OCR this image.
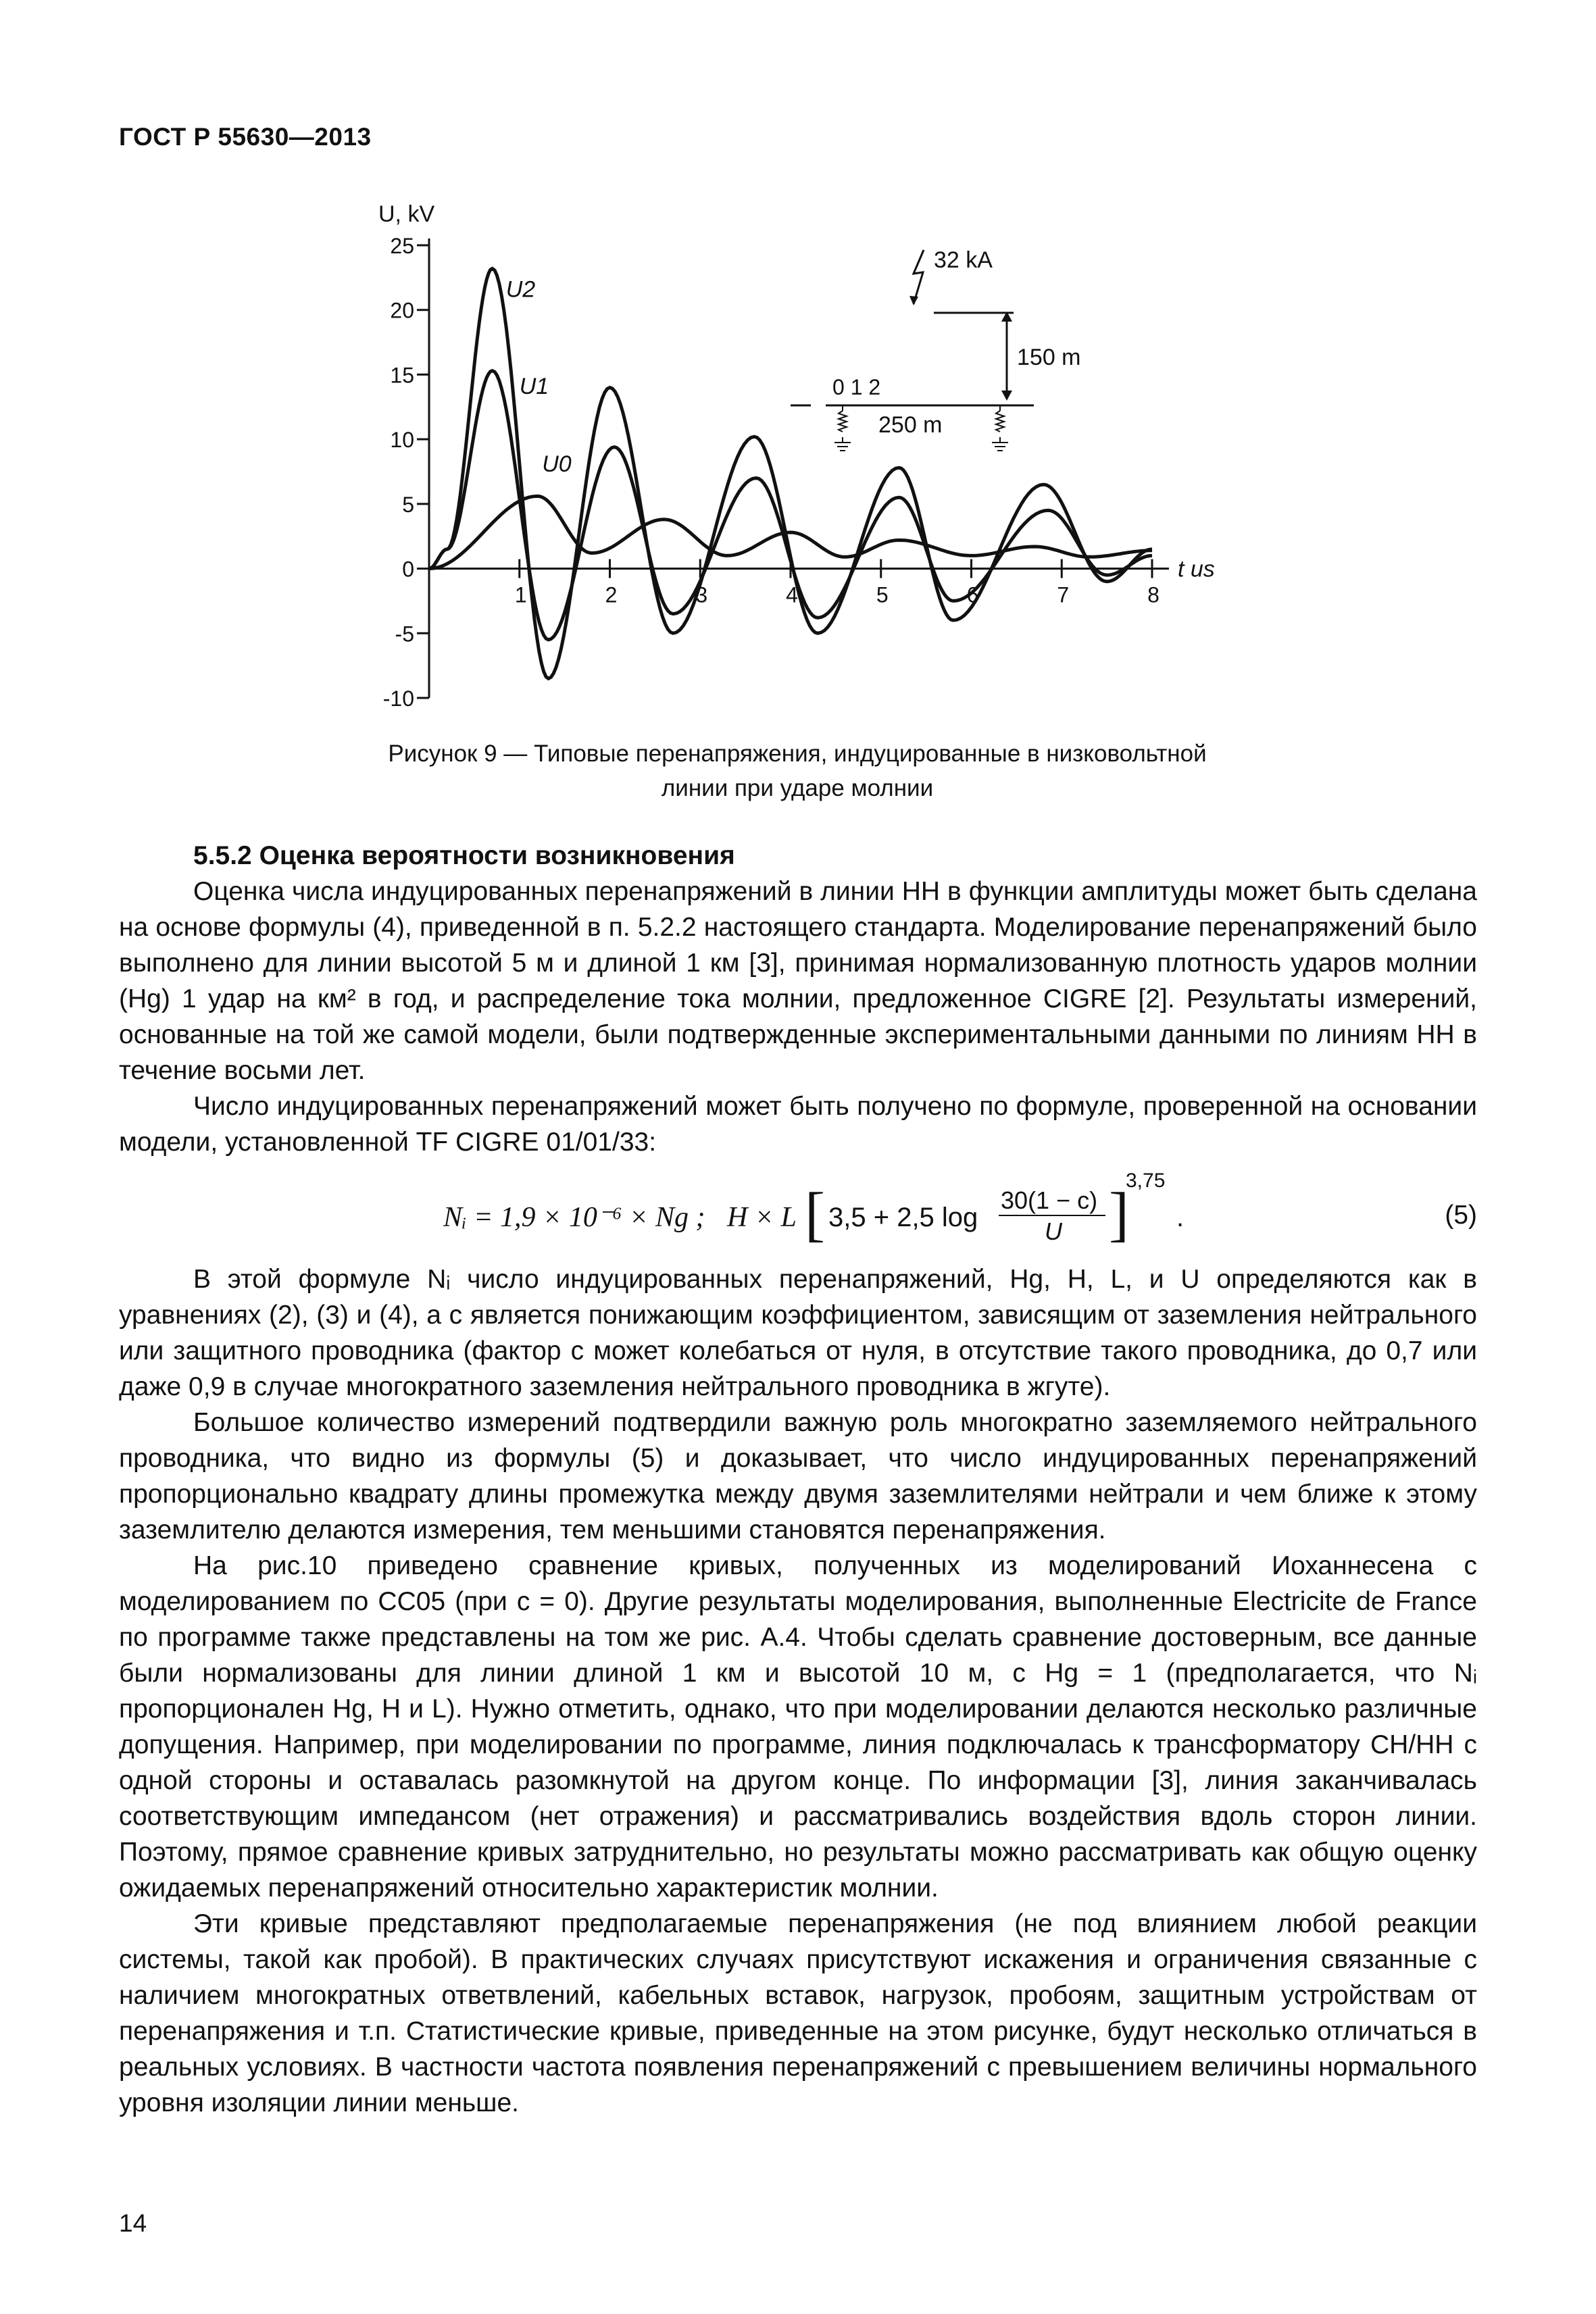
ГОСТ Р 55630—2013
U, kV
t us
25
20
15
10
5
0
-5
-10
1	2	3	4	5	6	7	8
U2
U1
U0
32 kA
150 m
0 1 2
250 m
Рисунок 9 — Типовые перенапряжения, индуцированные в низковольтной
линии при ударе молнии
5.5.2 Оценка вероятности возникновения

Оценка числа индуцированных перенапряжений в линии НН в функции амплитуды может быть сделана на основе формулы (4), приведенной в п. 5.2.2 настоящего стандарта. Моделирование перенапряжений было выполнено для линии высотой 5 м и длиной 1 км [3], принимая нормализованную плотность ударов молнии (Hg) 1 удар на км² в год, и распределение тока молнии, предложенное CIGRE [2]. Результаты измерений, основанные на той же самой модели, были подтвержденные экспериментальными данными по линиям НН в течение восьми лет.

Число индуцированных перенапряжений может быть получено по формуле, проверенной на основании модели, установленной TF CIGRE 01/01/33:

Nᵢ = 1,9 × 10⁻⁶ × Ng ; H × L [ 3,5 + 2,5 log
30(1 − c)
U ]
3,75
.	(5)

В этой формуле Nᵢ число индуцированных перенапряжений, Hg, H, L, и U определяются как в уравнениях (2), (3) и (4), а c является понижающим коэффициентом, зависящим от заземления нейтрального или защитного проводника (фактор c может колебаться от нуля, в отсутствие такого проводника, до 0,7 или даже 0,9 в случае многократного заземления нейтрального проводника в жгуте).

Большое количество измерений подтвердили важную роль многократно заземляемого нейтрального проводника, что видно из формулы (5) и доказывает, что число индуцированных перенапряжений пропорционально квадрату длины промежутка между двумя заземлителями нейтрали и чем ближе к этому заземлителю делаются измерения, тем меньшими становятся перенапряжения.

На рис.10 приведено сравнение кривых, полученных из моделирований Иоханнесена с моделированием по CC05 (при c = 0). Другие результаты моделирования, выполненные Electricite de France по программе также представлены на том же рис. А.4. Чтобы сделать сравнение достоверным, все данные были нормализованы для линии длиной 1 км и высотой 10 м, с Hg = 1 (предполагается, что Nᵢ пропорционален Hg, H и L). Нужно отметить, однако, что при моделировании делаются несколько различные допущения. Например, при моделировании по программе, линия подключалась к трансформатору СН/НН с одной стороны и оставалась разомкнутой на другом конце. По информации [3], линия заканчивалась соответствующим импедансом (нет отражения) и рассматривались воздействия вдоль сторон линии. Поэтому, прямое сравнение кривых затруднительно, но результаты можно рассматривать как общую оценку ожидаемых перенапряжений относительно характеристик молнии.

Эти кривые представляют предполагаемые перенапряжения (не под влиянием любой реакции системы, такой как пробой). В практических случаях присутствуют искажения и ограничения связанные с наличием многократных ответвлений, кабельных вставок, нагрузок, пробоям, защитным устройствам от перенапряжения и т.п. Статистические кривые, приведенные на этом рисунке, будут несколько отличаться в реальных условиях. В частности частота появления перенапряжений с превышением величины нормального уровня изоляции линии меньше.

14
